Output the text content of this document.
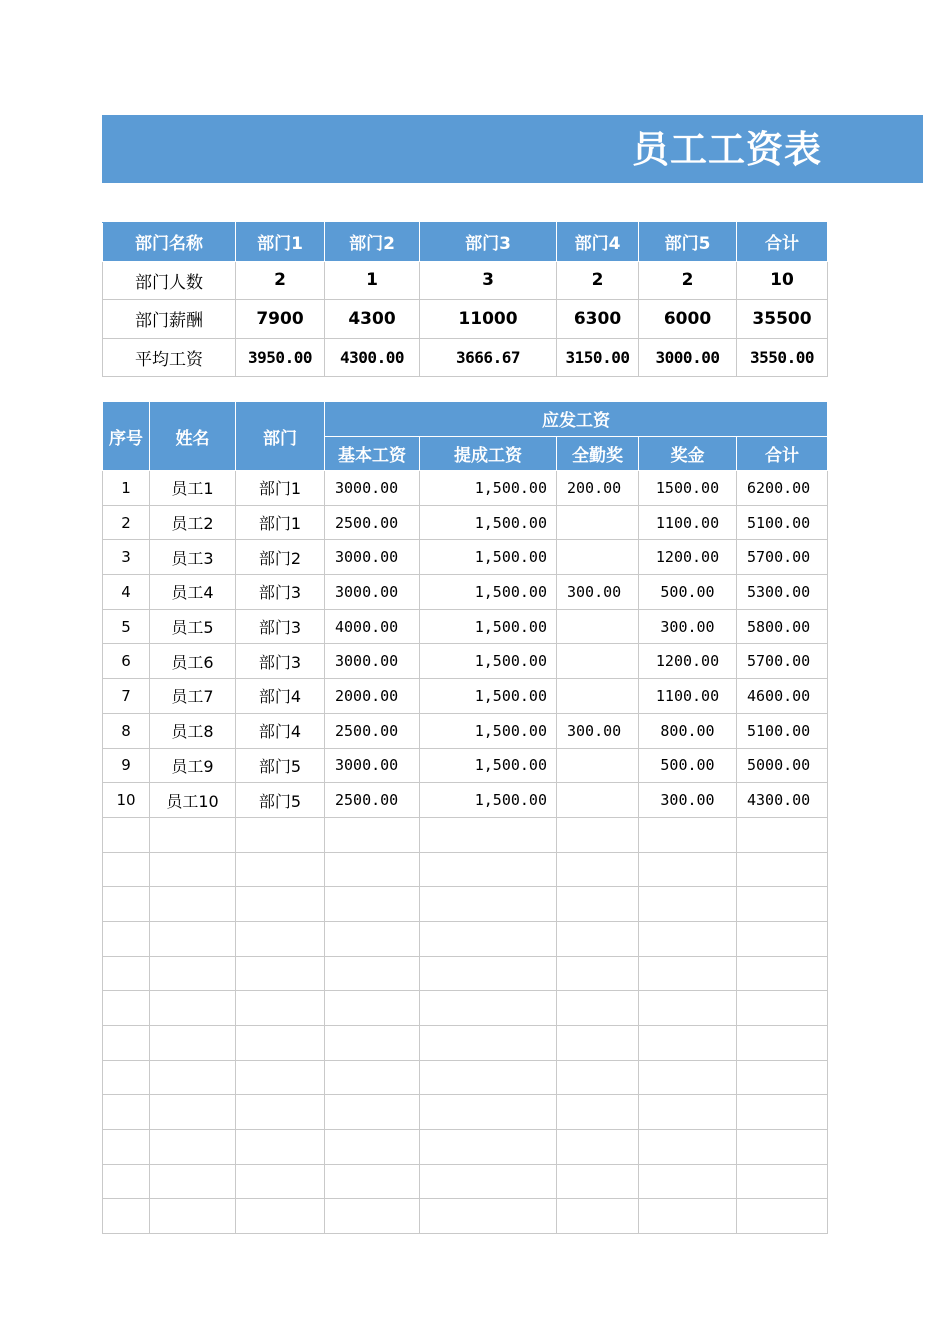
员工工资表
部门名称	部门1	部门2	部门3	部门4	部门5	合计
部门人数	2	1	3	2	2	10
部门薪酬	7900	4300	11000	6300	6000	35500
平均工资	3950.00	4300.00	3666.67	3150.00	3000.00	3550.00
序号	姓名	部门	应发工资				
			基本工资	提成工资	全勤奖	奖金	合计
1	员工1	部门1	3000.00	1,500.00	200.00	1500.00	6200.00
2	员工2	部门1	2500.00	1,500.00		1100.00	5100.00
3	员工3	部门2	3000.00	1,500.00		1200.00	5700.00
4	员工4	部门3	3000.00	1,500.00	300.00	500.00	5300.00
5	员工5	部门3	4000.00	1,500.00		300.00	5800.00
6	员工6	部门3	3000.00	1,500.00		1200.00	5700.00
7	员工7	部门4	2000.00	1,500.00		1100.00	4600.00
8	员工8	部门4	2500.00	1,500.00	300.00	800.00	5100.00
9	员工9	部门5	3000.00	1,500.00		500.00	5000.00
10	员工10	部门5	2500.00	1,500.00		300.00	4300.00
